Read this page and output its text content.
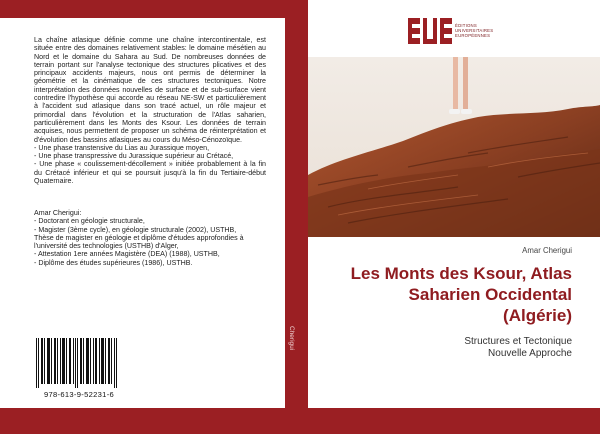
La chaîne atlasique définie comme une chaîne intercontinentale, est située entre des domaines relativement stables: le domaine mésétien au Nord et le domaine du Sahara au Sud. De nombreuses données de terrain portant sur l'analyse tectonique des structures plicatives et des principaux accidents majeurs, nous ont permis de déterminer la géométrie et la cinématique de ces structures tectoniques. Notre interprétation des données nouvelles de surface et de sub-surface vient contredire l'hypothèse qui accorde au réseau NE-SW et particulièrement à l'accident sud atlasique dans son tracé actuel, un rôle majeur et primordial dans l'évolution et la structuration de l'Atlas saharien, particulièrement dans les Monts des Ksour. Les données de terrain acquises, nous permettent de proposer un schéma de réinterprétation et d'évolution des bassins atlasiques au cours du Méso-Cénozoïque.

- Une phase transtensive du Lias au Jurassique moyen,

- Une phase transpressive du Jurassique supérieur au Crétacé,

- Une phase « coulissement-décollement » initiée probablement à la fin du Crétacé inférieur et qui se poursuit jusqu'à la fin du Tertiaire-début Quaternaire.

Amar Cherigui:

- Doctorant en géologie structurale,

- Magister (3ème cycle), en géologie structurale (2002), USTHB,

Thèse de magister en géologie et diplôme d'études approfondies à l'université des technologies (USTHB) d'Alger,

- Attestation 1ere années Magistère (DEA) (1988), USTHB,

- Diplôme des études supérieures (1986), USTHB.

978-613-9-52231-6
Cherigui
ÉDITIONS
UNIVERSITAIRES
EUROPÉENNES
Amar Cherigui
Les Monts des Ksour, Atlas
Saharien Occidental
(Algérie)
Structures et Tectonique
Nouvelle Approche
